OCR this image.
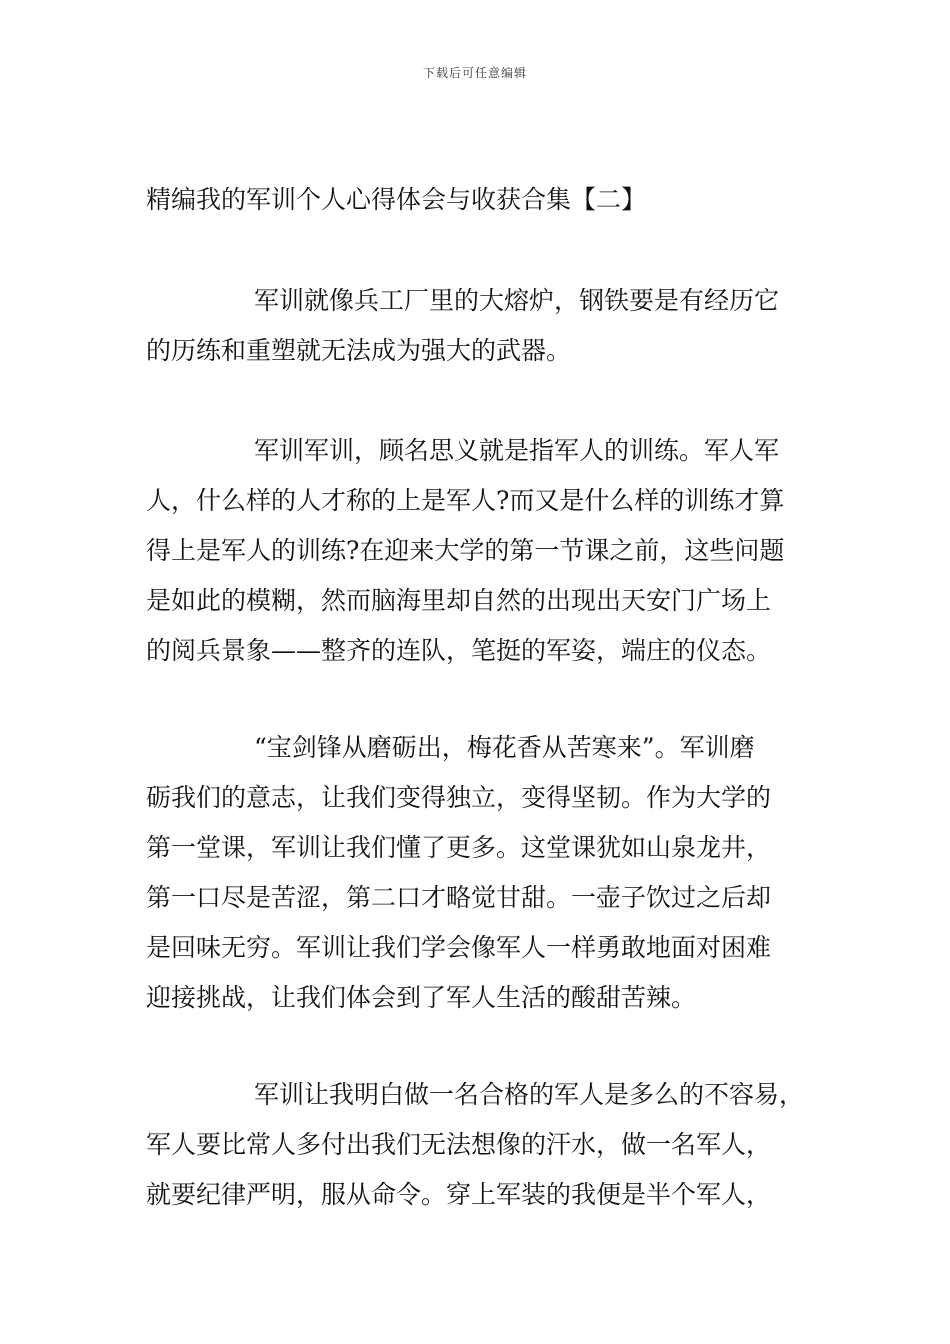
下载后可任意编辑
精编我的军训个人心得体会与收获合集【二】
军训就像兵工厂里的大熔炉，钢铁要是有经历它
的历练和重塑就无法成为强大的武器。
军训军训，顾名思义就是指军人的训练。军人军
人，什么样的人才称的上是军人?而又是什么样的训练才算
得上是军人的训练?在迎来大学的第一节课之前，这些问题
是如此的模糊，然而脑海里却自然的出现出天安门广场上
的阅兵景象——整齐的连队，笔挺的军姿，端庄的仪态。
“宝剑锋从磨砺出，梅花香从苦寒来”。军训磨
砺我们的意志，让我们变得独立，变得坚韧。作为大学的
第一堂课，军训让我们懂了更多。这堂课犹如山泉龙井，
第一口尽是苦涩，第二口才略觉甘甜。一壶子饮过之后却
是回味无穷。军训让我们学会像军人一样勇敢地面对困难
迎接挑战，让我们体会到了军人生活的酸甜苦辣。
军训让我明白做一名合格的军人是多么的不容易，
军人要比常人多付出我们无法想像的汗水，做一名军人，
就要纪律严明，服从命令。穿上军装的我便是半个军人，
